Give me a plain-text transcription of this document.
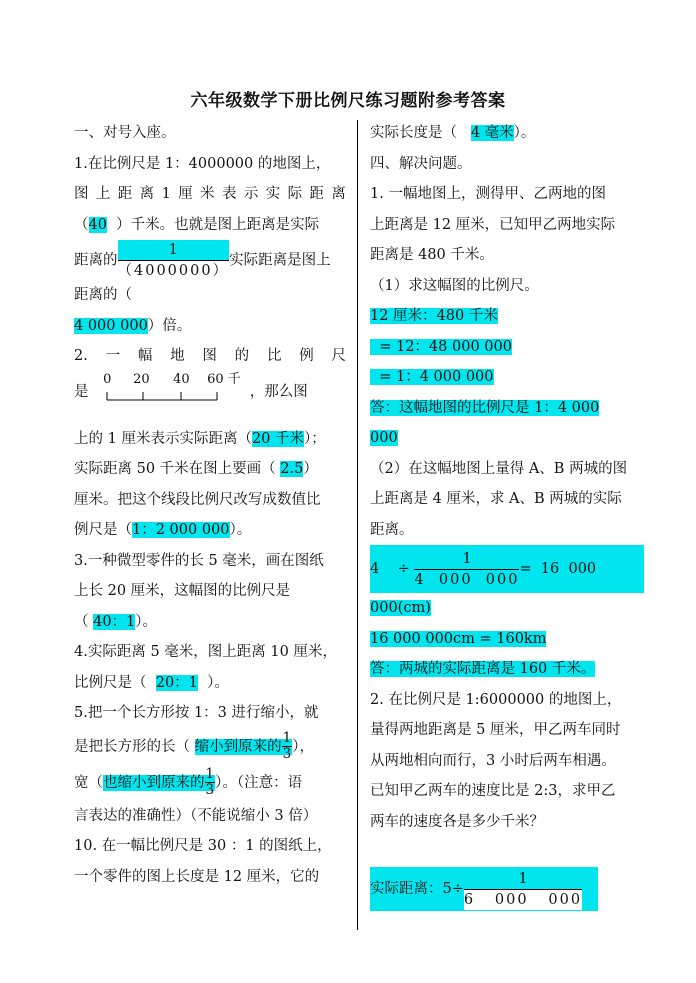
六年级数学下册比例尺练习题附参考答案
一、对号入座。
1.在比例尺是 1：4000000 的地图上，
图 上 距 离 1 厘 米 表 示 实 际 距 离
（40  ）千米。也就是图上距离是实际
距离的 $\frac{1}{(4000000)}$ 实际距离是图上
距离的（
4 000 000）倍。
2. 一 幅 地 图 的 比 例 尺
是
0 20 40 60 千
，那么图
上的 1 厘米表示实际距离（20 千米）；
实际距离 50 千米在图上要画（ 2.5）
厘米。把这个线段比例尺改写成数值比
例尺是（1：2 000 000）。
3.一种微型零件的长 5 毫米，画在图纸
上长 20 厘米，这幅图的比例尺是
（ 40：1）。
4.实际距离 5 毫米，图上距离 10 厘米，
比例尺是（  20：1  ）。
5.把一个长方形按 1：3 进行缩小，就
是把长方形的长（ 缩小到原来的 $\frac{1}{3}$ ），
宽（也缩小到原来的 $\frac{1}{3}$ ）。（注意：语
言表达的准确性）（不能说缩小 3 倍）
10. 在一幅比例尺是 30 ：1 的图纸上，
一个零件的图上长度是 12 厘米，它的
实际长度是（   4 毫米）。
四、解决问题。
1. 一幅地图上，测得甲、乙两地的图
上距离是 12 厘米，已知甲乙两地实际
距离是 480 千米。
（1）求这幅图的比例尺。
12 厘米：480 千米
= 12：48 000 000
= 1：4 000 000
答：这幅地图的比例尺是 1：4 000
000
（2）在这幅地图上量得 A、B 两城的图
上距离是 4 厘米，求 A、B 两城的实际
距离。
4    ÷ $\frac{1}{4 000 000} = 16$  000
000(cm)
16 000 000cm = 160km
答：两城的实际距离是 160 千米。
2. 在比例尺是 1:6000000 的地图上，
量得两地距离是 5 厘米，甲乙两车同时
从两地相向而行，3 小时后两车相遇。
已知甲乙两车的速度比是 2:3，求甲乙
两车的速度各是多少千米？
实际距离：$5\div \frac{1}{6 000 000}$
